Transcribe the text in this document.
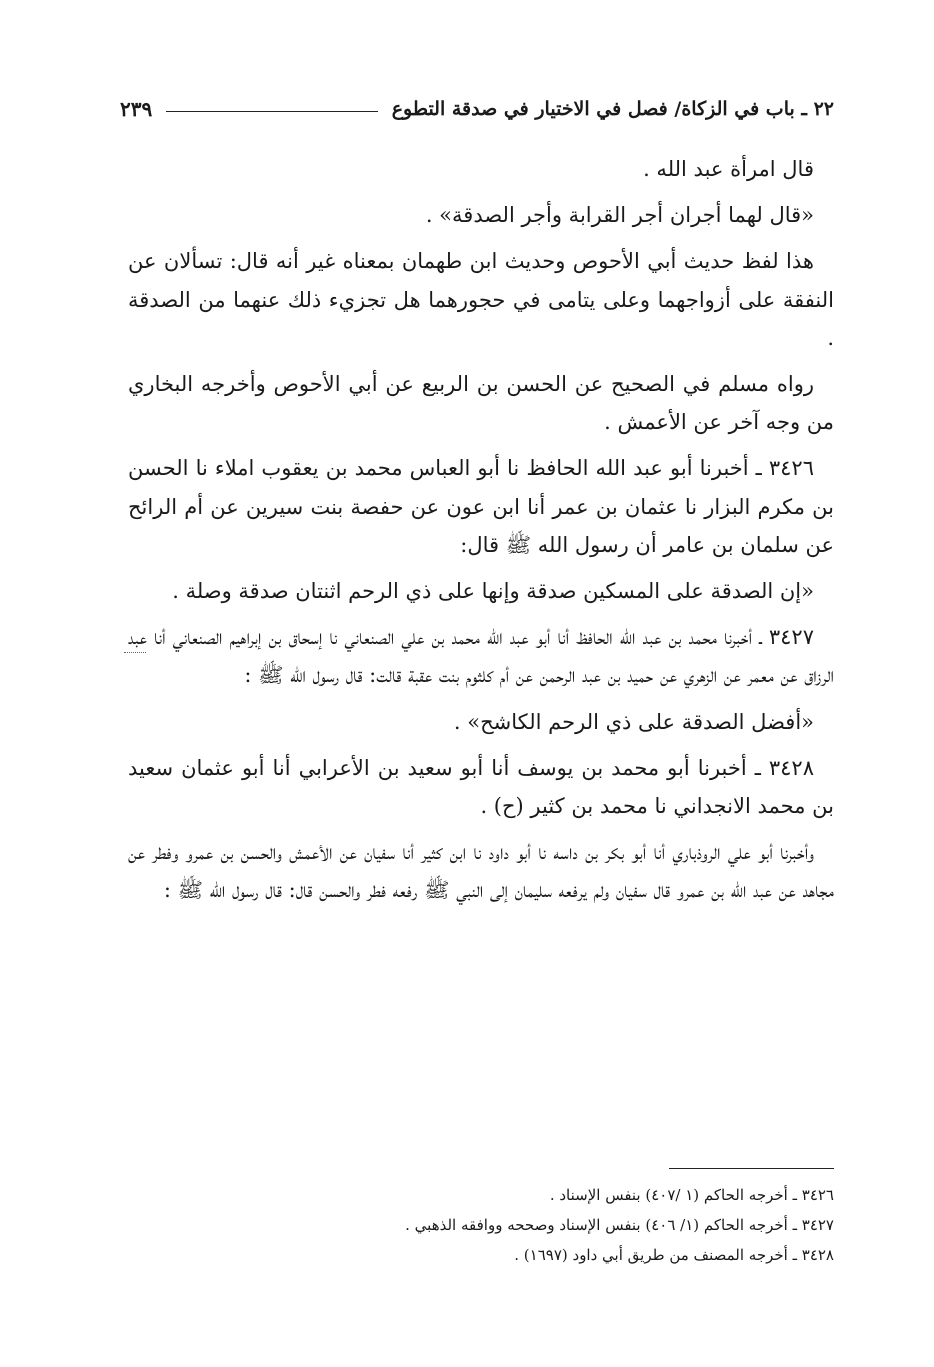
٢٢ ـ باب في الزكاة/ فصل في الاختيار في صدقة التطوع
٢٣٩

قال امرأة عبد الله .

«قال لهما أجران أجر القرابة وأجر الصدقة» .

هذا لفظ حديث أبي الأحوص وحديث ابن طهمان بمعناه غير أنه قال: تسألان عن النفقة على أزواجهما وعلى يتامى في حجورهما هل تجزيء ذلك عنهما من الصدقة .

رواه مسلم في الصحيح عن الحسن بن الربيع عن أبي الأحوص وأخرجه البخاري من وجه آخر عن الأعمش .

٣٤٢٦ ـ أخبرنا أبو عبد الله الحافظ نا أبو العباس محمد بن يعقوب املاء نا الحسن بن مكرم البزار نا عثمان بن عمر أنا ابن عون عن حفصة بنت سيرين عن أم الرائح عن سلمان بن عامر أن رسول الله ﷺ قال:

«إن الصدقة على المسكين صدقة وإنها على ذي الرحم اثنتان صدقة وصلة .

٣٤٢٧ ـ أخبرنا محمد بن عبد الله الحافظ أنا أبو عبد الله محمد بن علي الصنعاني نا إسحاق بن إبراهيم الصنعاني أنا عبد الرزاق عن معمر عن الزهري عن حميد بن عبد الرحمن عن أم كلثوم بنت عقبة قالت: قال رسول الله ﷺ :

«أفضل الصدقة على ذي الرحم الكاشح» .

٣٤٢٨ ـ أخبرنا أبو محمد بن يوسف أنا أبو سعيد بن الأعرابي أنا أبو عثمان سعيد بن محمد الانجداني نا محمد بن كثير (ح) .

وأخبرنا أبو علي الروذباري أنا أبو بكر بن داسه نا أبو داود نا ابن كثير أنا سفيان عن الأعمش والحسن بن عمرو وفطر عن مجاهد عن عبد الله بن عمرو قال سفيان ولم يرفعه سليمان إلى النبي ﷺ رفعه فطر والحسن قال: قال رسول الله ﷺ :

٣٤٢٦ ـ أخرجه الحاكم (١ /٤٠٧) بنفس الإسناد .

٣٤٢٧ ـ أخرجه الحاكم (١/ ٤٠٦) بنفس الإسناد وصححه ووافقه الذهبي .

٣٤٢٨ ـ أخرجه المصنف من طريق أبي داود (١٦٩٧) .
